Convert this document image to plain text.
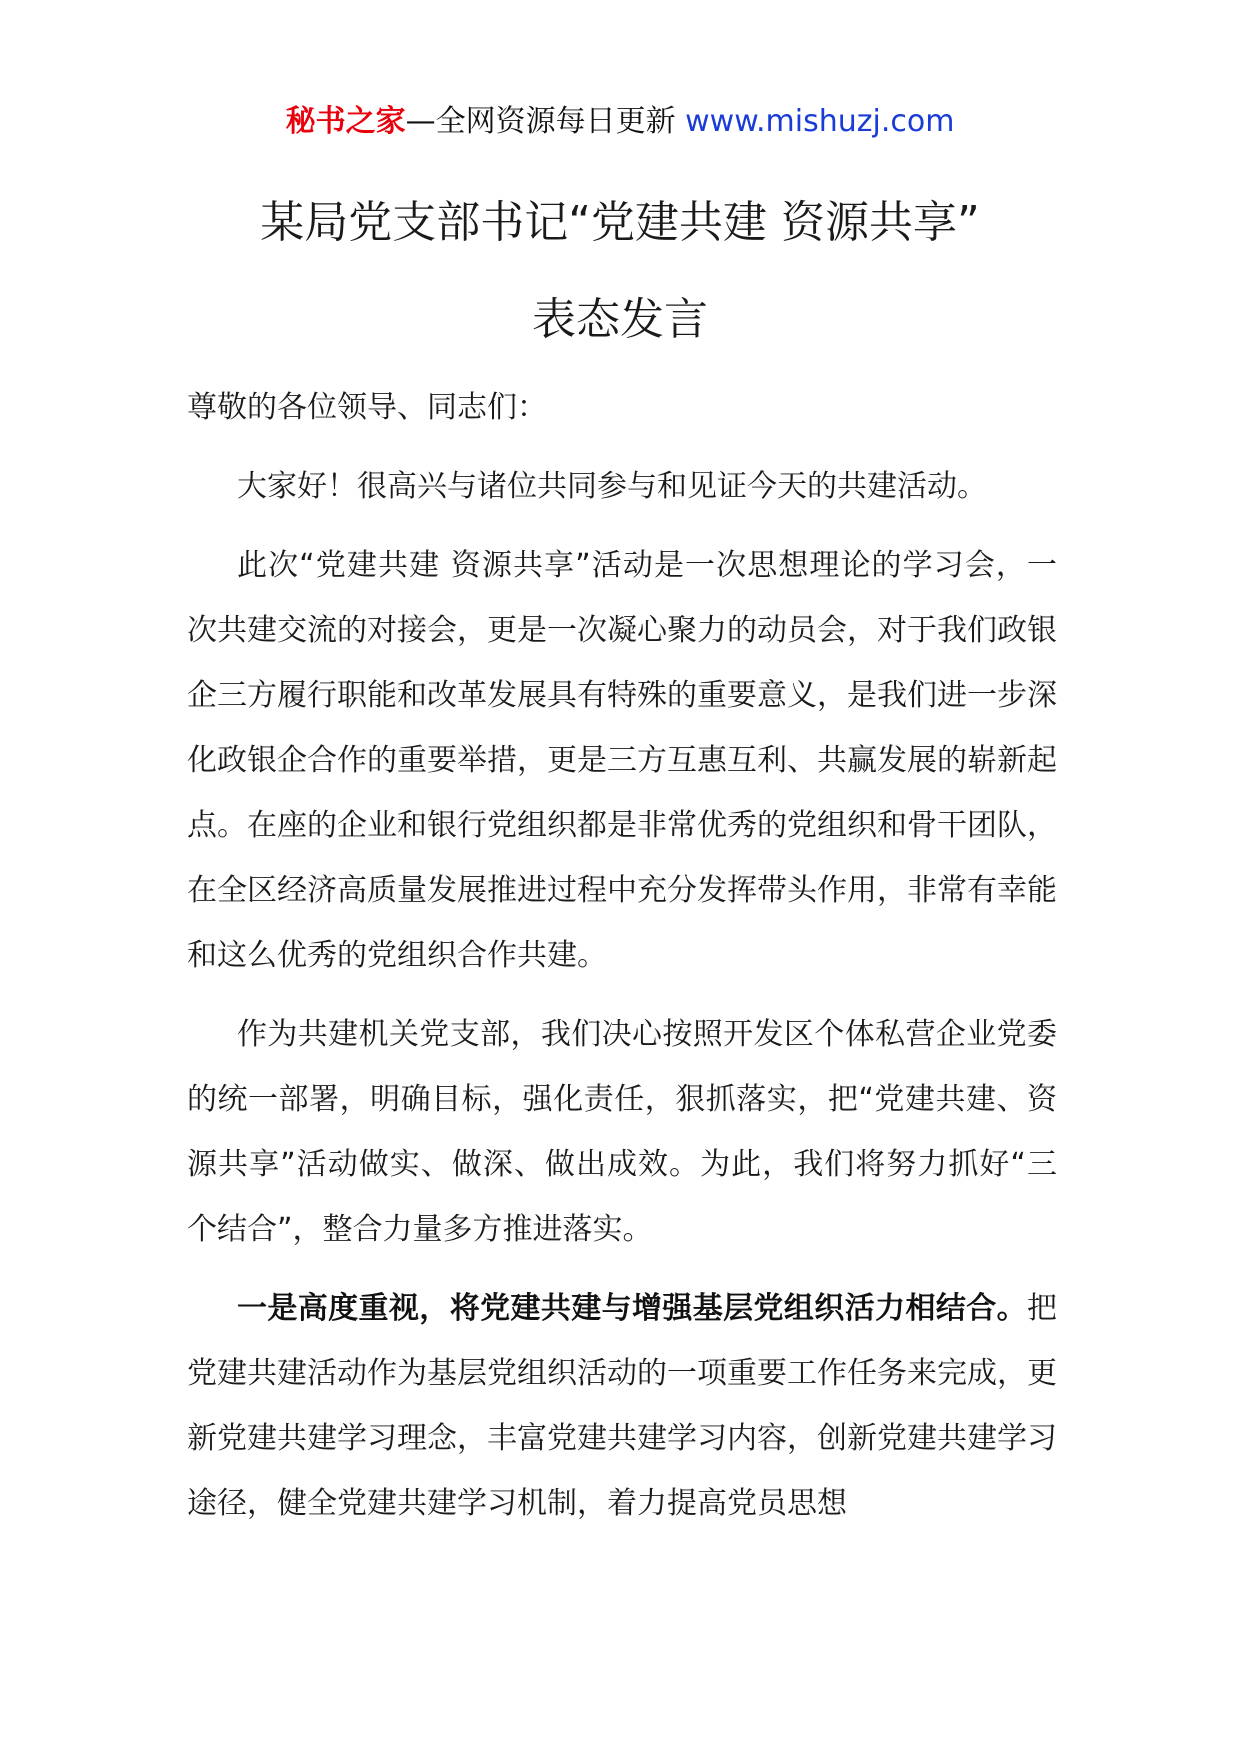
秘书之家—全网资源每日更新 www.mishuzj.com
某局党支部书记“党建共建 资源共享”
表态发言

尊敬的各位领导、同志们：

大家好！很高兴与诸位共同参与和见证今天的共建活动。

此次“党建共建 资源共享”活动是一次思想理论的学习会，一次共建交流的对接会，更是一次凝心聚力的动员会，对于我们政银企三方履行职能和改革发展具有特殊的重要意义，是我们进一步深化政银企合作的重要举措，更是三方互惠互利、共赢发展的崭新起点。在座的企业和银行党组织都是非常优秀的党组织和骨干团队，在全区经济高质量发展推进过程中充分发挥带头作用，非常有幸能和这么优秀的党组织合作共建。

作为共建机关党支部，我们决心按照开发区个体私营企业党委的统一部署，明确目标，强化责任，狠抓落实，把“党建共建、资源共享”活动做实、做深、做出成效。为此，我们将努力抓好“三个结合”，整合力量多方推进落实。

一是高度重视，将党建共建与增强基层党组织活力相结合。把党建共建活动作为基层党组织活动的一项重要工作任务来完成，更新党建共建学习理念，丰富党建共建学习内容，创新党建共建学习途径，健全党建共建学习机制，着力提高党员思想
